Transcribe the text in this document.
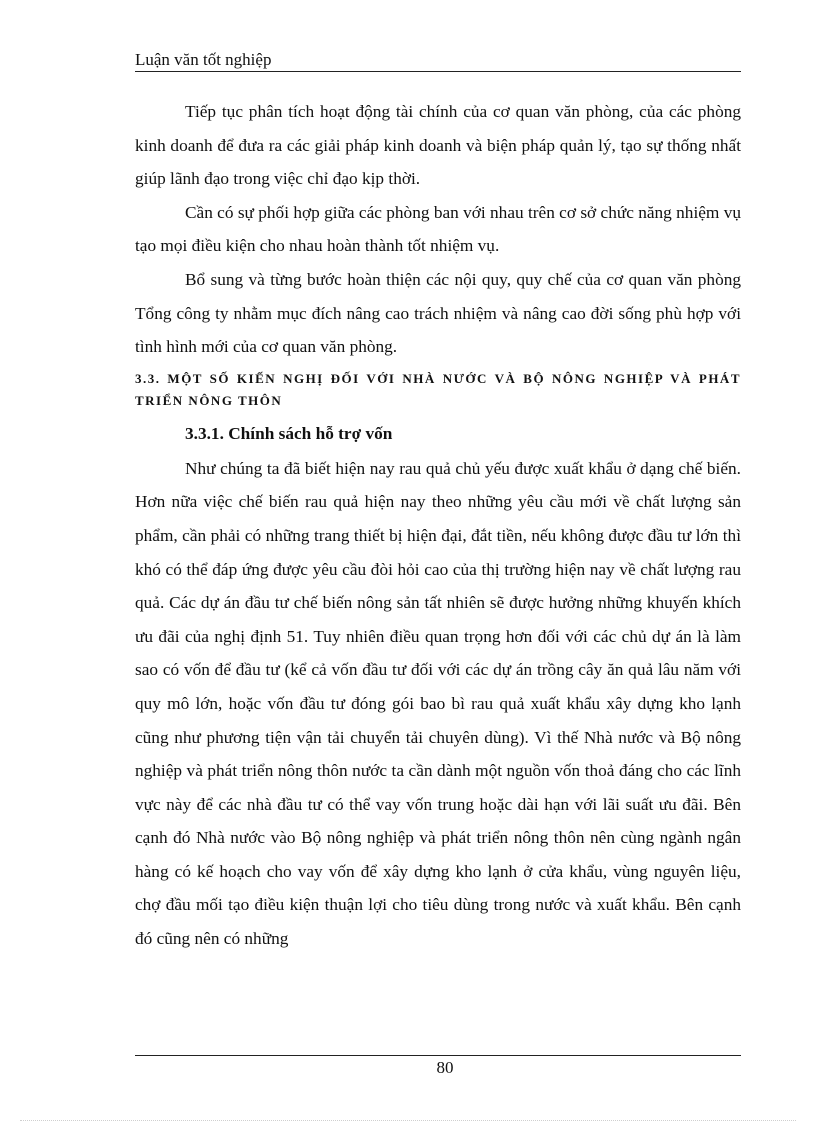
Luận văn tốt nghiệp

Tiếp tục phân tích hoạt động tài chính của cơ quan văn phòng, của các phòng kinh doanh để đưa ra các giải pháp kinh doanh và biện pháp quản lý, tạo sự thống nhất giúp lãnh đạo trong việc chỉ đạo kịp thời.

Cần có sự phối hợp giữa các phòng ban với nhau trên cơ sở chức năng nhiệm vụ tạo mọi điều kiện cho nhau hoàn thành tốt nhiệm vụ.

Bổ sung và từng bước hoàn thiện các nội quy, quy chế của cơ quan văn phòng Tổng công ty nhằm mục đích nâng cao trách nhiệm và nâng cao đời sống phù hợp với tình hình mới của cơ quan văn phòng.

3.3. MỘT SỐ KIẾN NGHỊ ĐỐI VỚI NHÀ NƯỚC VÀ BỘ NÔNG NGHIỆP VÀ PHÁT TRIỂN NÔNG THÔN
3.3.1. Chính sách hỗ trợ vốn

Như chúng ta đã biết hiện nay rau quả chủ yếu được xuất khẩu ở dạng chế biến. Hơn nữa việc chế biến rau quả hiện nay theo những yêu cầu mới về chất lượng sản phẩm, cần phải có những trang thiết bị hiện đại, đắt tiền, nếu không được đầu tư lớn thì khó có thể đáp ứng được yêu cầu đòi hỏi cao của thị trường hiện nay về chất lượng rau quả. Các dự án đầu tư chế biến nông sản tất nhiên sẽ được hưởng những khuyến khích ưu đãi của nghị định 51. Tuy nhiên điều quan trọng hơn đối với các chủ dự án là làm sao có vốn để đầu tư (kể cả vốn đầu tư đối với các dự án trồng cây ăn quả lâu năm với quy mô lớn, hoặc vốn đầu tư đóng gói bao bì rau quả xuất khẩu xây dựng kho lạnh cũng như phương tiện vận tải chuyển tải chuyên dùng). Vì thế Nhà nước và Bộ nông nghiệp và phát triển nông thôn nước ta cần dành một nguồn vốn thoả đáng cho các lĩnh vực này để các nhà đầu tư có thể vay vốn trung hoặc dài hạn với lãi suất ưu đãi. Bên cạnh đó Nhà nước vào Bộ nông nghiệp và phát triển nông thôn nên cùng ngành ngân hàng có kế hoạch cho vay vốn để xây dựng kho lạnh ở cửa khẩu, vùng nguyên liệu, chợ đầu mối tạo điều kiện thuận lợi cho tiêu dùng trong nước và xuất khẩu. Bên cạnh đó cũng nên có những

80
